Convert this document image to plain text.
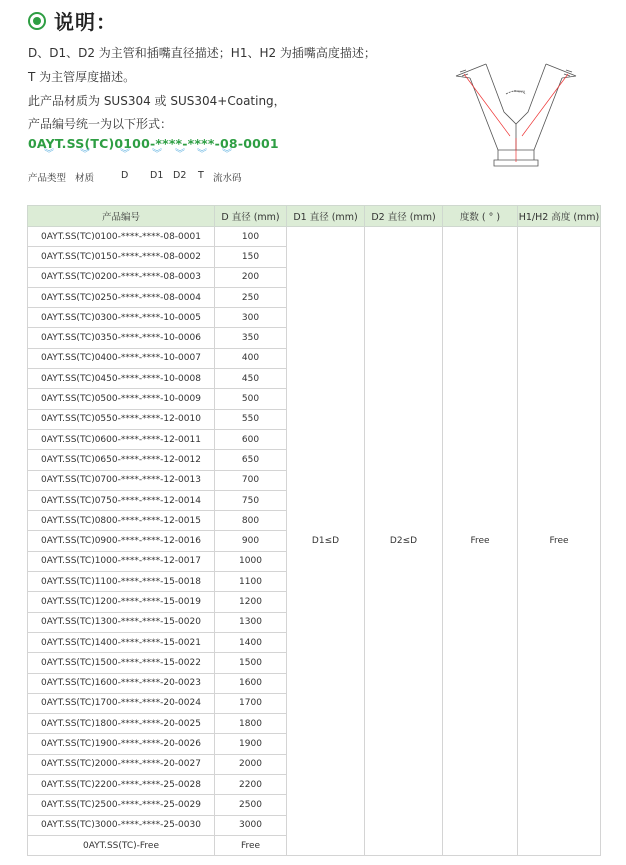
说明：
D、D1、D2 为主管和插嘴直径描述；H1、H2 为插嘴高度描述；
T 为主管厚度描述。
此产品材质为 SUS304 或 SUS304+Coating，
产品编号统一为以下形式：
0AYT.SS(TC)0100-****-****-08-0001
︾	︾	︾ ︾ ︾ ︾ ︾
产品类型 材质	D D1 D2 T 流水码
Degree
产品编号	D 直径 (mm)	D1 直径 (mm)	D2 直径 (mm)	度数 ( ° )	H1/H2 高度 (mm)
0AYT.SS(TC)0100-****-****-08-0001	100	D1≤D	D2≤D	Free	Free
0AYT.SS(TC)0150-****-****-08-0002	150				
0AYT.SS(TC)0200-****-****-08-0003	200				
0AYT.SS(TC)0250-****-****-08-0004	250				
0AYT.SS(TC)0300-****-****-10-0005	300				
0AYT.SS(TC)0350-****-****-10-0006	350				
0AYT.SS(TC)0400-****-****-10-0007	400				
0AYT.SS(TC)0450-****-****-10-0008	450				
0AYT.SS(TC)0500-****-****-10-0009	500				
0AYT.SS(TC)0550-****-****-12-0010	550				
0AYT.SS(TC)0600-****-****-12-0011	600				
0AYT.SS(TC)0650-****-****-12-0012	650				
0AYT.SS(TC)0700-****-****-12-0013	700				
0AYT.SS(TC)0750-****-****-12-0014	750				
0AYT.SS(TC)0800-****-****-12-0015	800				
0AYT.SS(TC)0900-****-****-12-0016	900				
0AYT.SS(TC)1000-****-****-12-0017	1000				
0AYT.SS(TC)1100-****-****-15-0018	1100				
0AYT.SS(TC)1200-****-****-15-0019	1200				
0AYT.SS(TC)1300-****-****-15-0020	1300				
0AYT.SS(TC)1400-****-****-15-0021	1400				
0AYT.SS(TC)1500-****-****-15-0022	1500				
0AYT.SS(TC)1600-****-****-20-0023	1600				
0AYT.SS(TC)1700-****-****-20-0024	1700				
0AYT.SS(TC)1800-****-****-20-0025	1800				
0AYT.SS(TC)1900-****-****-20-0026	1900				
0AYT.SS(TC)2000-****-****-20-0027	2000				
0AYT.SS(TC)2200-****-****-25-0028	2200				
0AYT.SS(TC)2500-****-****-25-0029	2500				
0AYT.SS(TC)3000-****-****-25-0030	3000				
0AYT.SS(TC)-Free	Free				
